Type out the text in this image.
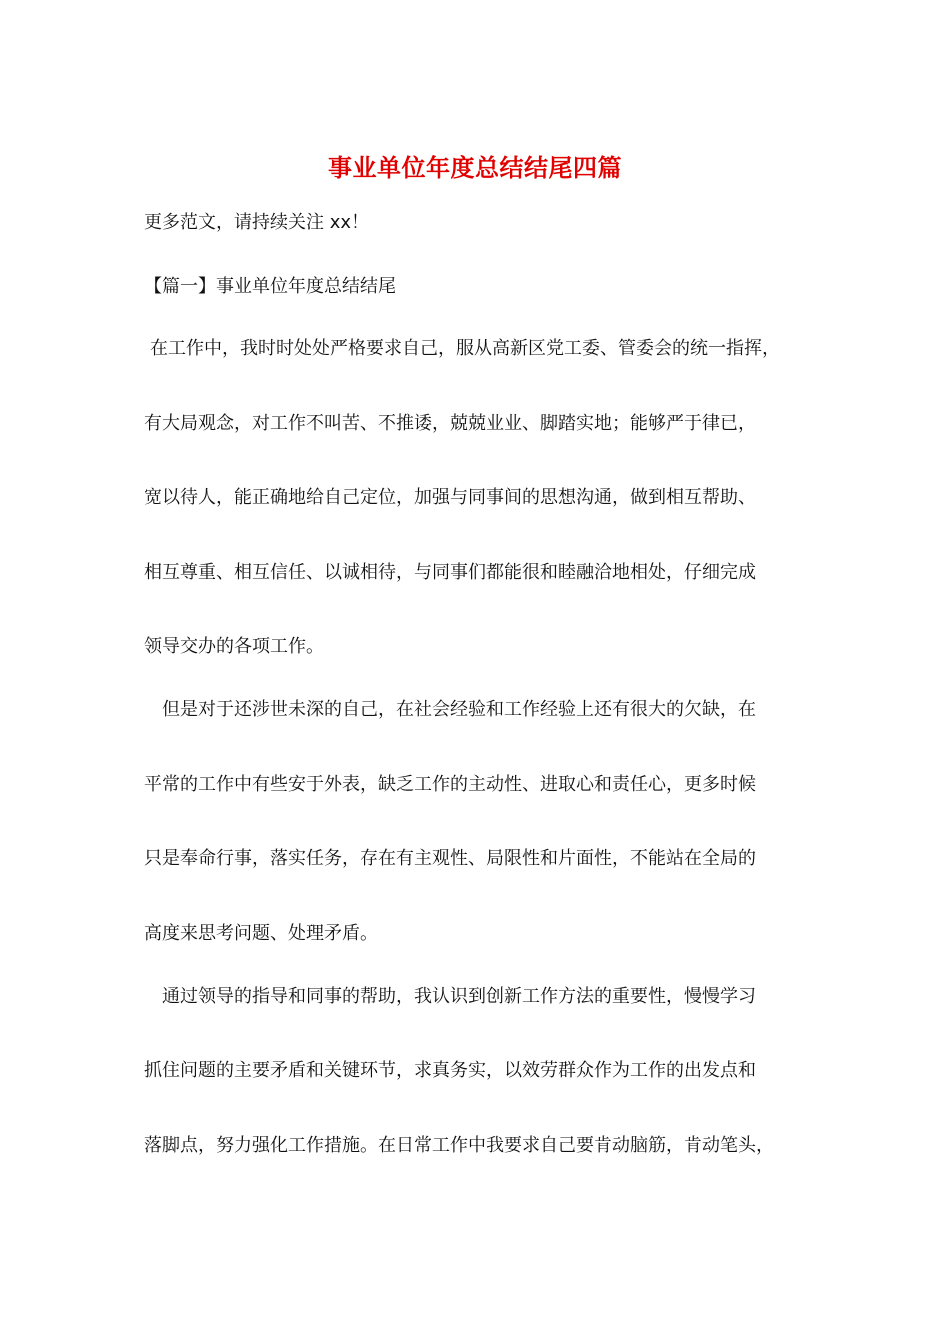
事业单位年度总结结尾四篇
更多范文，请持续关注 xx！
【篇一】事业单位年度总结结尾
在工作中，我时时处处严格要求自己，服从高新区党工委、管委会的统一指挥，
有大局观念，对工作不叫苦、不推诿，兢兢业业、脚踏实地；能够严于律已，
宽以待人，能正确地给自己定位，加强与同事间的思想沟通，做到相互帮助、
相互尊重、相互信任、以诚相待，与同事们都能很和睦融洽地相处，仔细完成
领导交办的各项工作。
但是对于还涉世未深的自己，在社会经验和工作经验上还有很大的欠缺，在
平常的工作中有些安于外表，缺乏工作的主动性、进取心和责任心，更多时候
只是奉命行事，落实任务，存在有主观性、局限性和片面性，不能站在全局的
高度来思考问题、处理矛盾。
通过领导的指导和同事的帮助，我认识到创新工作方法的重要性，慢慢学习
抓住问题的主要矛盾和关键环节，求真务实，以效劳群众作为工作的出发点和
落脚点，努力强化工作措施。在日常工作中我要求自己要肯动脑筋，肯动笔头，
